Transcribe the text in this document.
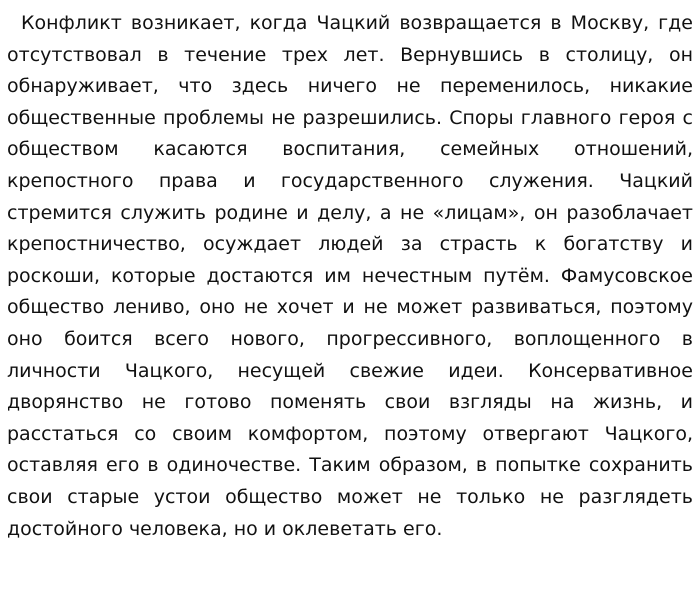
Конфликт возникает, когда Чацкий возвращается в Москву, где отсутствовал в течение трех лет. Вернувшись в столицу, он обнаруживает, что здесь ничего не переменилось, никакие общественные проблемы не разрешились. Споры главного героя с обществом касаются воспитания, семейных отношений, крепостного права и государственного служения. Чацкий стремится служить родине и делу, а не «лицам», он разоблачает крепостничество, осуждает людей за страсть к богатству и роскоши, которые достаются им нечестным путём. Фамусовское общество лениво, оно не хочет и не может развиваться, поэтому оно боится всего нового, прогрессивного, воплощенного в личности Чацкого, несущей свежие идеи. Консервативное дворянство не готово поменять свои взгляды на жизнь, и расстаться со своим комфортом, поэтому отвергают Чацкого, оставляя его в одиночестве. Таким образом, в попытке сохранить свои старые устои общество может не только не разглядеть достойного человека, но и оклеветать его.
